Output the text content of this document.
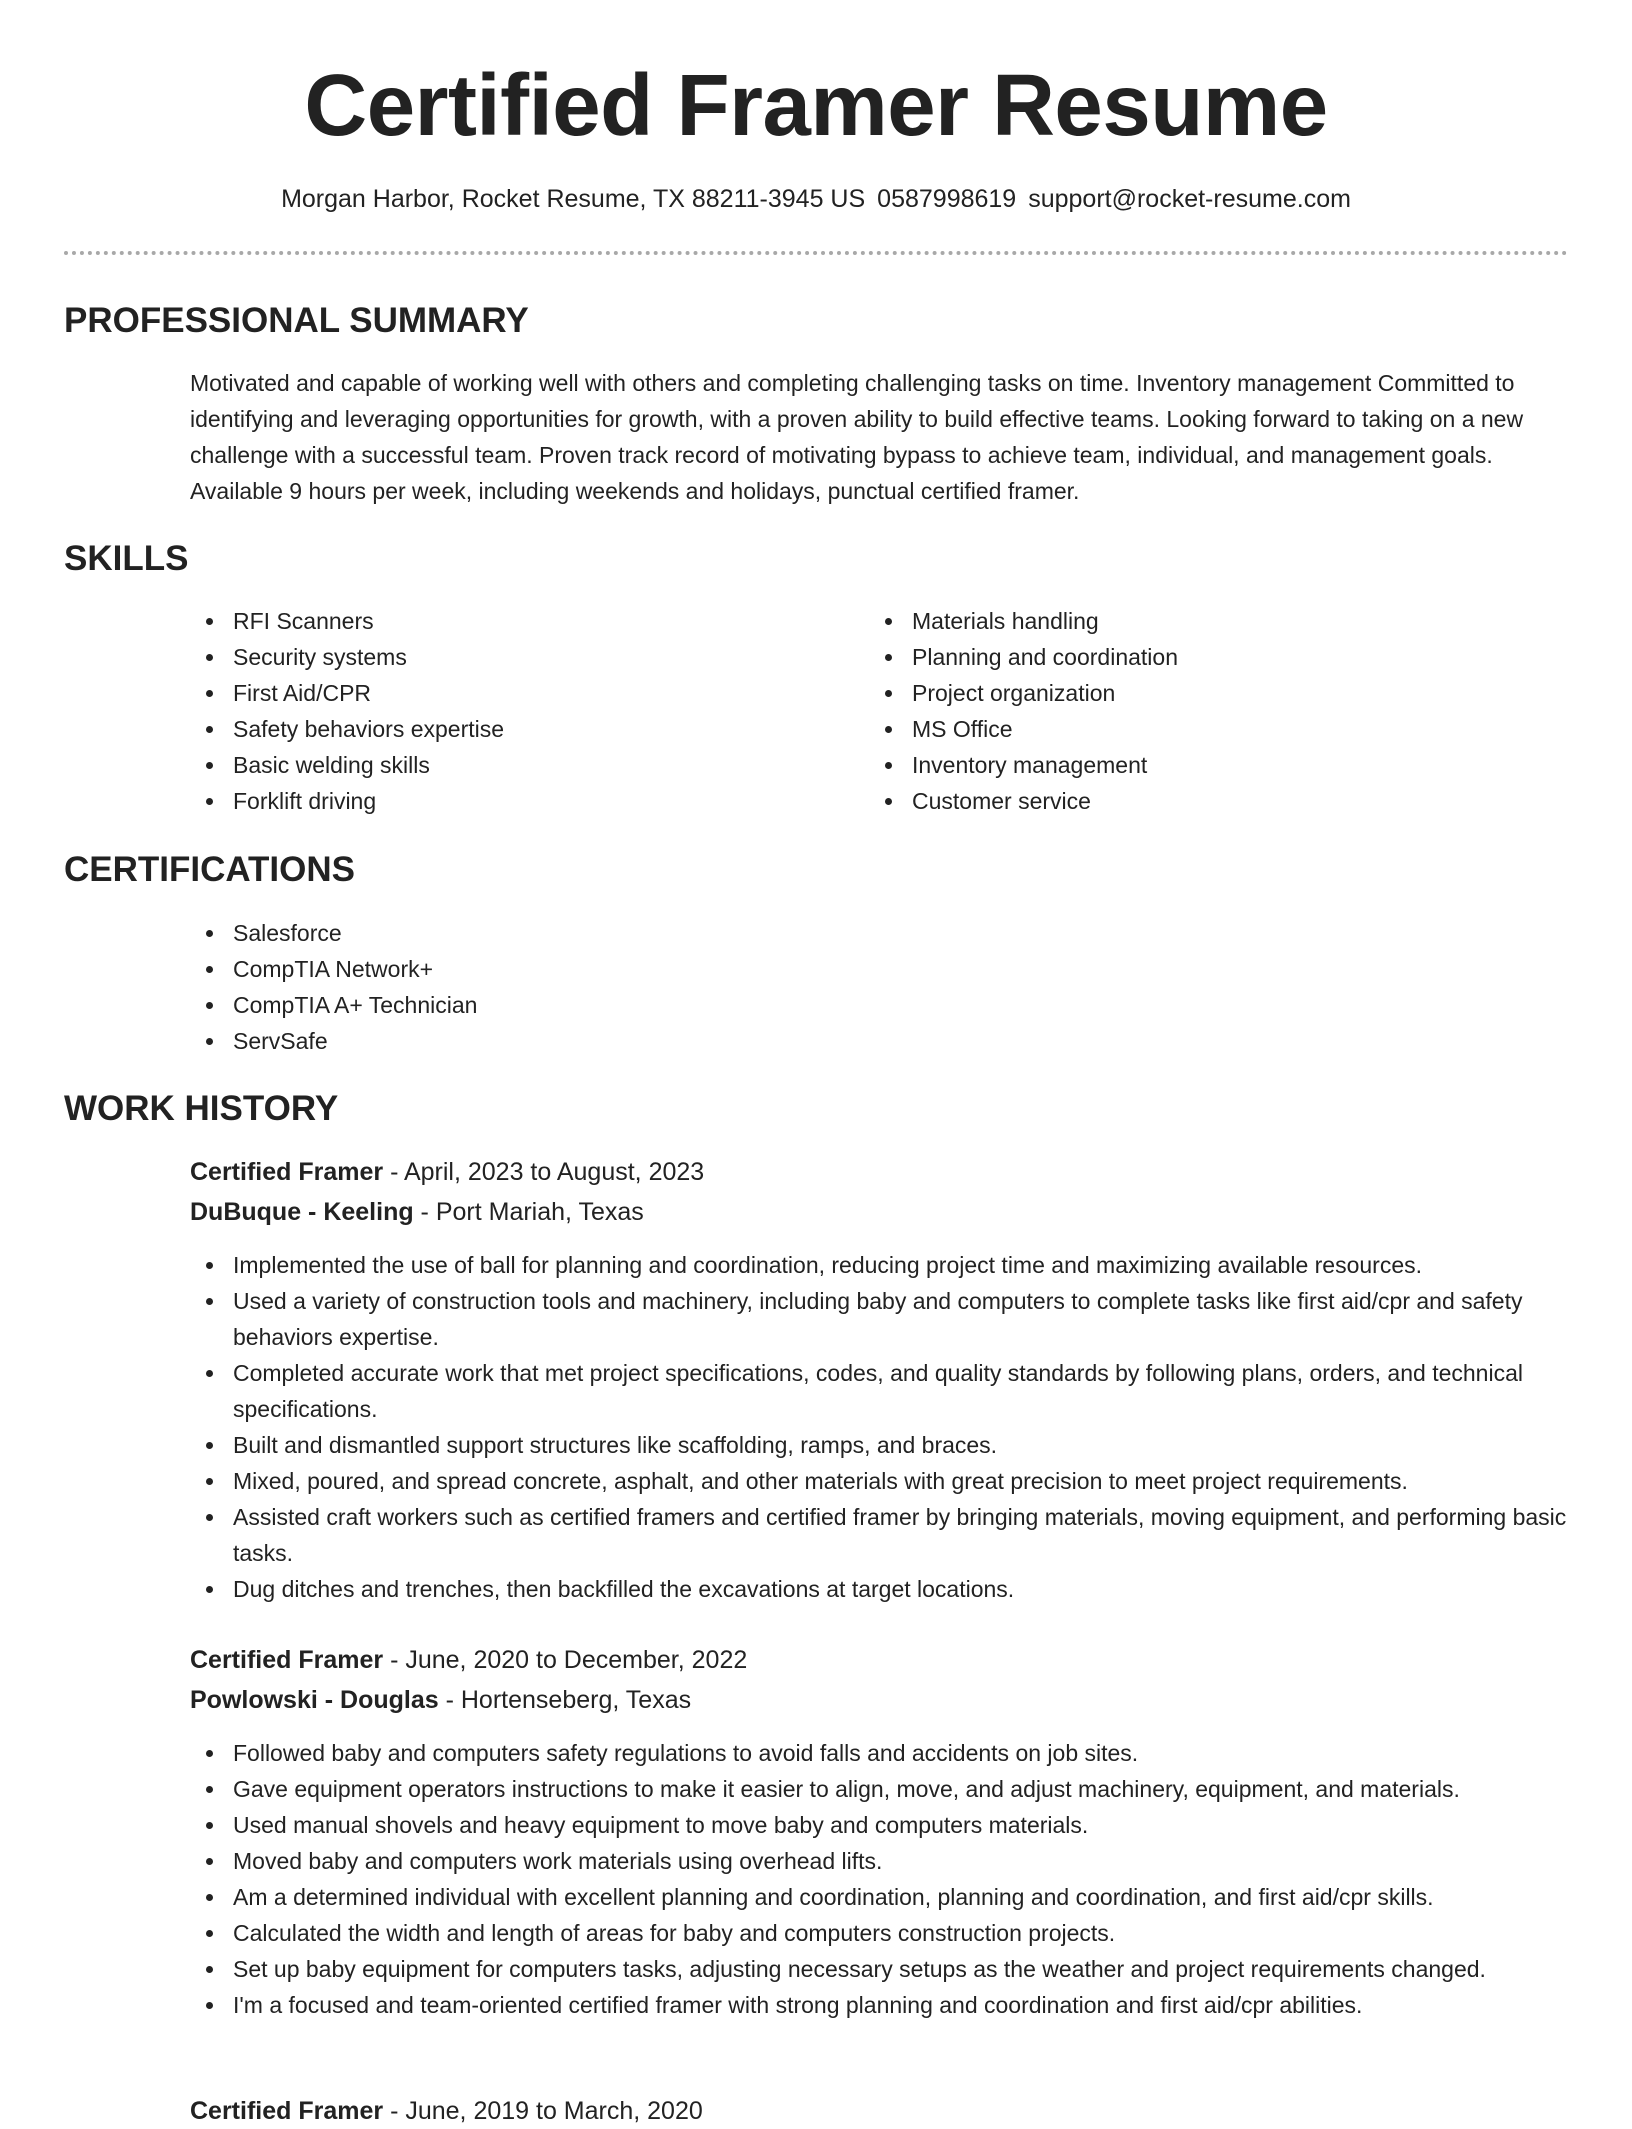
Certified Framer Resume
Morgan Harbor, Rocket Resume, TX 88211-3945 US 0587998619 support@rocket-resume.com
PROFESSIONAL SUMMARY

Motivated and capable of working well with others and completing challenging tasks on time. Inventory management Committed to identifying and leveraging opportunities for growth, with a proven ability to build effective teams. Looking forward to taking on a new challenge with a successful team. Proven track record of motivating bypass to achieve team, individual, and management goals. Available 9 hours per week, including weekends and holidays, punctual certified framer.

SKILLS
RFI Scanners
Security systems
First Aid/CPR
Safety behaviors expertise
Basic welding skills
Forklift driving
Materials handling
Planning and coordination
Project organization
MS Office
Inventory management
Customer service
CERTIFICATIONS
Salesforce
CompTIA Network+
CompTIA A+ Technician
ServSafe
WORK HISTORY
Certified Framer - April, 2023 to August, 2023
DuBuque - Keeling - Port Mariah, Texas
Implemented the use of ball for planning and coordination, reducing project time and maximizing available resources.
Used a variety of construction tools and machinery, including baby and computers to complete tasks like first aid/cpr and safety behaviors expertise.
Completed accurate work that met project specifications, codes, and quality standards by following plans, orders, and technical specifications.
Built and dismantled support structures like scaffolding, ramps, and braces.
Mixed, poured, and spread concrete, asphalt, and other materials with great precision to meet project requirements.
Assisted craft workers such as certified framers and certified framer by bringing materials, moving equipment, and performing basic tasks.
Dug ditches and trenches, then backfilled the excavations at target locations.
Certified Framer - June, 2020 to December, 2022
Powlowski - Douglas - Hortenseberg, Texas
Followed baby and computers safety regulations to avoid falls and accidents on job sites.
Gave equipment operators instructions to make it easier to align, move, and adjust machinery, equipment, and materials.
Used manual shovels and heavy equipment to move baby and computers materials.
Moved baby and computers work materials using overhead lifts.
Am a determined individual with excellent planning and coordination, planning and coordination, and first aid/cpr skills.
Calculated the width and length of areas for baby and computers construction projects.
Set up baby equipment for computers tasks, adjusting necessary setups as the weather and project requirements changed.
I'm a focused and team-oriented certified framer with strong planning and coordination and first aid/cpr abilities.
Certified Framer - June, 2019 to March, 2020
